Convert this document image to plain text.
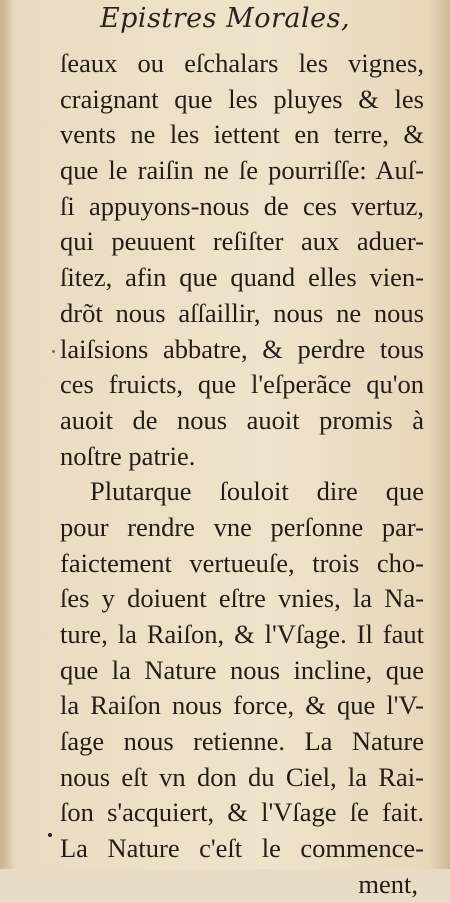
Epistres Morales,
ſeaux ou eſchalars les vignes,
craignant que les pluyes & les
vents ne les iettent en terre, &
que le raiſin ne ſe pourriſſe: Auſ-
ſi appuyons-nous de ces vertuz,
qui peuuent reſiſter aux aduer-
ſitez, afin que quand elles vien-
drõt nous aſſaillir, nous ne nous
laiſsions abbatre, & perdre tous
ces fruicts, que l'eſperãce qu'on
auoit de nous auoit promis à
noſtre patrie.
Plutarque ſouloit dire que
pour rendre vne perſonne par-
faictement vertueuſe, trois cho-
ſes y doiuent eſtre vnies, la Na-
ture, la Raiſon, & l'Vſage. Il faut
que la Nature nous incline, que
la Raiſon nous force, & que l'V-
ſage nous retienne. La Nature
nous eſt vn don du Ciel, la Rai-
ſon s'acquiert, & l'Vſage ſe fait.
La Nature c'eſt le commence-
ment,
